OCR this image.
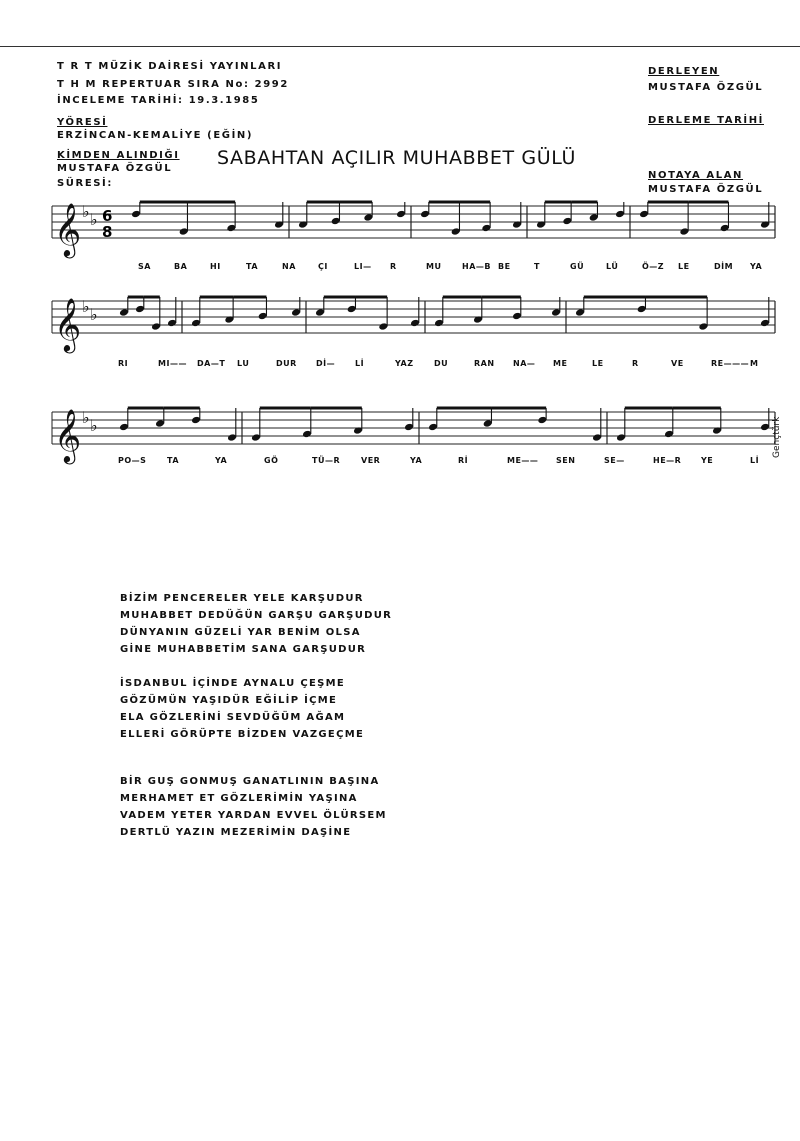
T R T MÜZİK DAİRESİ YAYINLARI
T H M REPERTUAR SIRA No: 2992
İNCELEME TARİHİ: 19.3.1985
YÖRESİ
ERZİNCAN-KEMALİYE (EĞİN)
KİMDEN ALINDIĞI
MUSTAFA ÖZGÜL
SÜRESİ:
DERLEYEN
MUSTAFA ÖZGÜL
DERLEME TARİHİ
NOTAYA ALAN
MUSTAFA ÖZGÜL
SABAHTAN AÇILIR MUHABBET GÜLÜ
Gençtürk
𝄞 ♭ ♭ 6
8
𝄞 ♭ ♭
𝄞 ♭ ♭
SA	BA	HI	TA	NA	ÇI	LI— R	MU	HA—B BE	T	GÜ	LÜ	Ö—Z LE	DİM YA
RI	MI—— DA—T LU	DUR Dİ— Lİ	YAZ	DU	RAN NA— ME	LE	R	VE	RE——— M
PO—S	TA	YA	GÖ	TÜ—R	VER	YA	Rİ	ME—— SEN	SE—	HE—R YE	Lİ
BİZİM PENCERELER YELE KARŞUDUR
MUHABBET DEDÜĞÜN GARŞU GARŞUDUR
DÜNYANIN GÜZELİ YAR BENİM OLSA
GİNE MUHABBETİM SANA GARŞUDUR
İSDANBUL İÇİNDE AYNALU ÇEŞME
GÖZÜMÜN YAŞIDÜR EĞİLİP İÇME
ELA GÖZLERİNİ SEVDÜĞÜM AĞAM
ELLERİ GÖRÜPTE BİZDEN VAZGEÇME
BİR GUŞ GONMUŞ GANATLININ BAŞINA
MERHAMET ET GÖZLERİMİN YAŞINA
VADEM YETER YARDAN EVVEL ÖLÜRSEM
DERTLÜ YAZIN MEZERİMİN DAŞİNE
